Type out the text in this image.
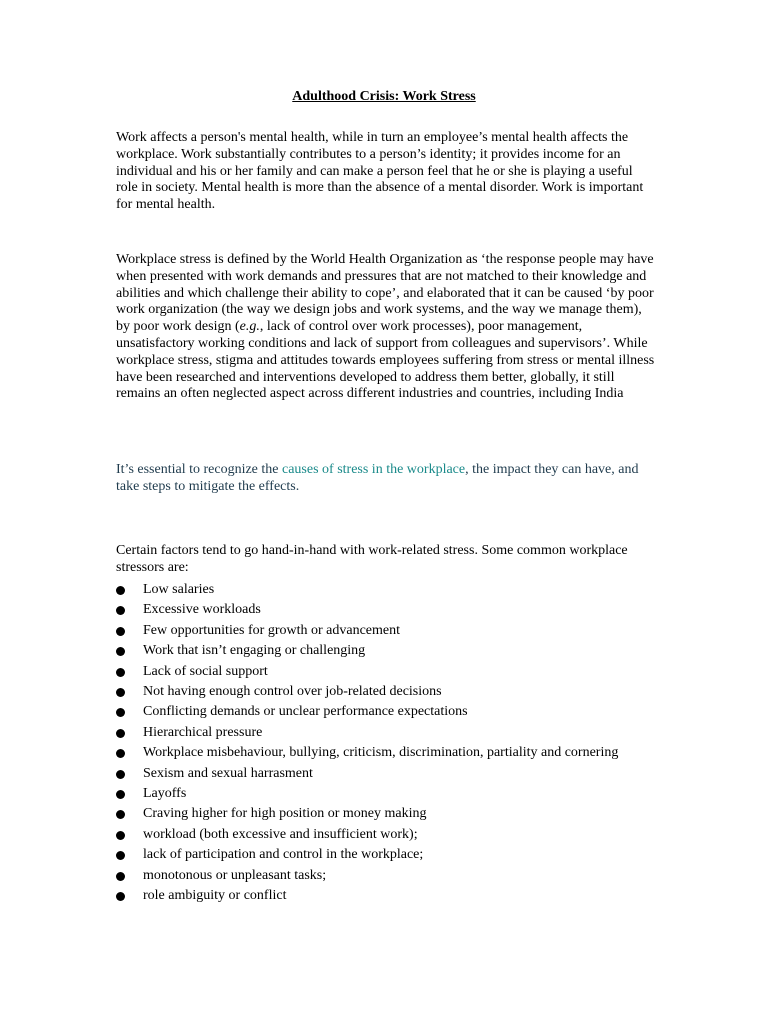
Adulthood Crisis: Work Stress

Work affects a person's mental health, while in turn an employee’s mental health affects the workplace. Work substantially contributes to a person’s identity; it provides income for an individual and his or her family and can make a person feel that he or she is playing a useful role in society. Mental health is more than the absence of a mental disorder. Work is important for mental health.

Workplace stress is defined by the World Health Organization as ‘the response people may have when presented with work demands and pressures that are not matched to their knowledge and abilities and which challenge their ability to cope’, and elaborated that it can be caused ‘by poor work organization (the way we design jobs and work systems, and the way we manage them), by poor work design (e.g., lack of control over work processes), poor management, unsatisfactory working conditions and lack of support from colleagues and supervisors’. While workplace stress, stigma and attitudes towards employees suffering from stress or mental illness have been researched and interventions developed to address them better, globally, it still remains an often neglected aspect across different industries and countries, including India

It’s essential to recognize the causes of stress in the workplace, the impact they can have, and take steps to mitigate the effects.

Certain factors tend to go hand-in-hand with work-related stress. Some common workplace stressors are:

Low salaries
Excessive workloads
Few opportunities for growth or advancement
Work that isn’t engaging or challenging
Lack of social support
Not having enough control over job-related decisions
Conflicting demands or unclear performance expectations
Hierarchical pressure
Workplace misbehaviour, bullying, criticism, discrimination, partiality and cornering
Sexism and sexual harrasment
Layoffs
Craving higher for high position or money making
workload (both excessive and insufficient work);
lack of participation and control in the workplace;
monotonous or unpleasant tasks;
role ambiguity or conflict
